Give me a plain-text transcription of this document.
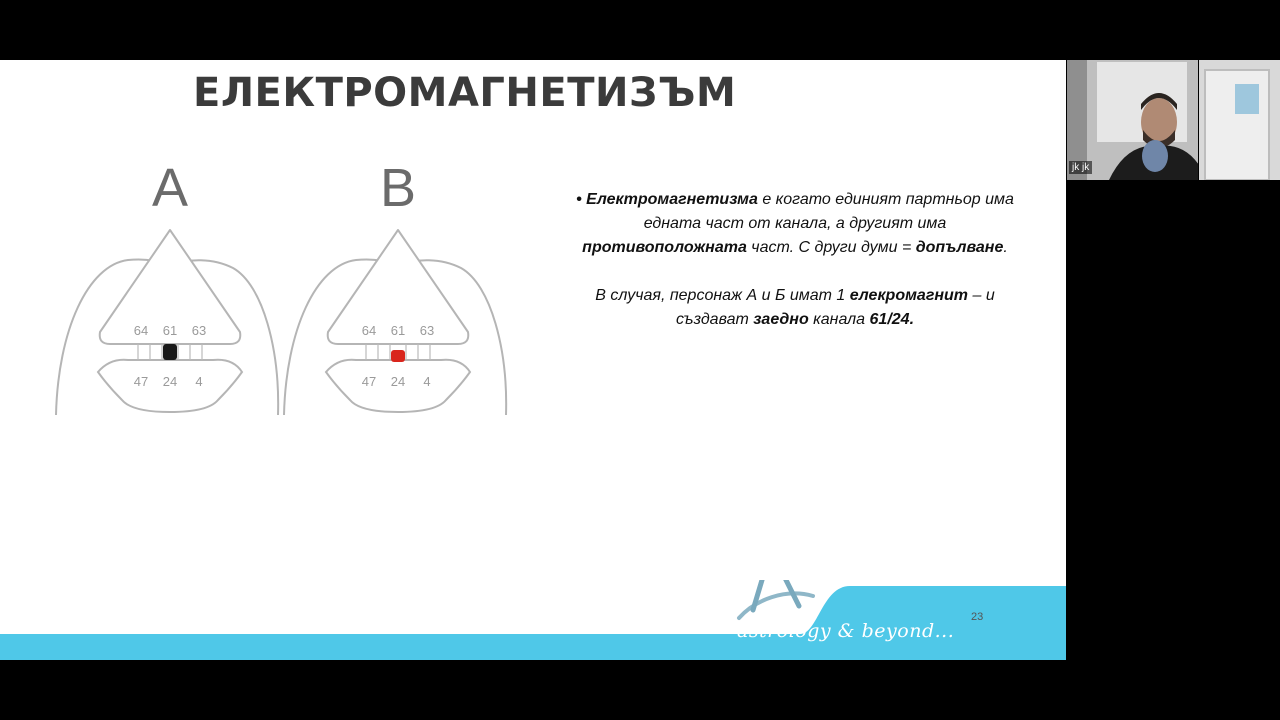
ЕЛЕКТРОМАГНЕТИЗЪМ
A
64 61 63
47 24 4
B
64 61 63
47 24 4

• Електромагнетизма е когато единият партньор има едната част от канала, а другият има противоположната част. С други думи = допълване.

В случая, персонаж А и Б имат 1 елекромагнит – и създават заедно канала 61/24.

astrology & beyond...
23
jk jk
